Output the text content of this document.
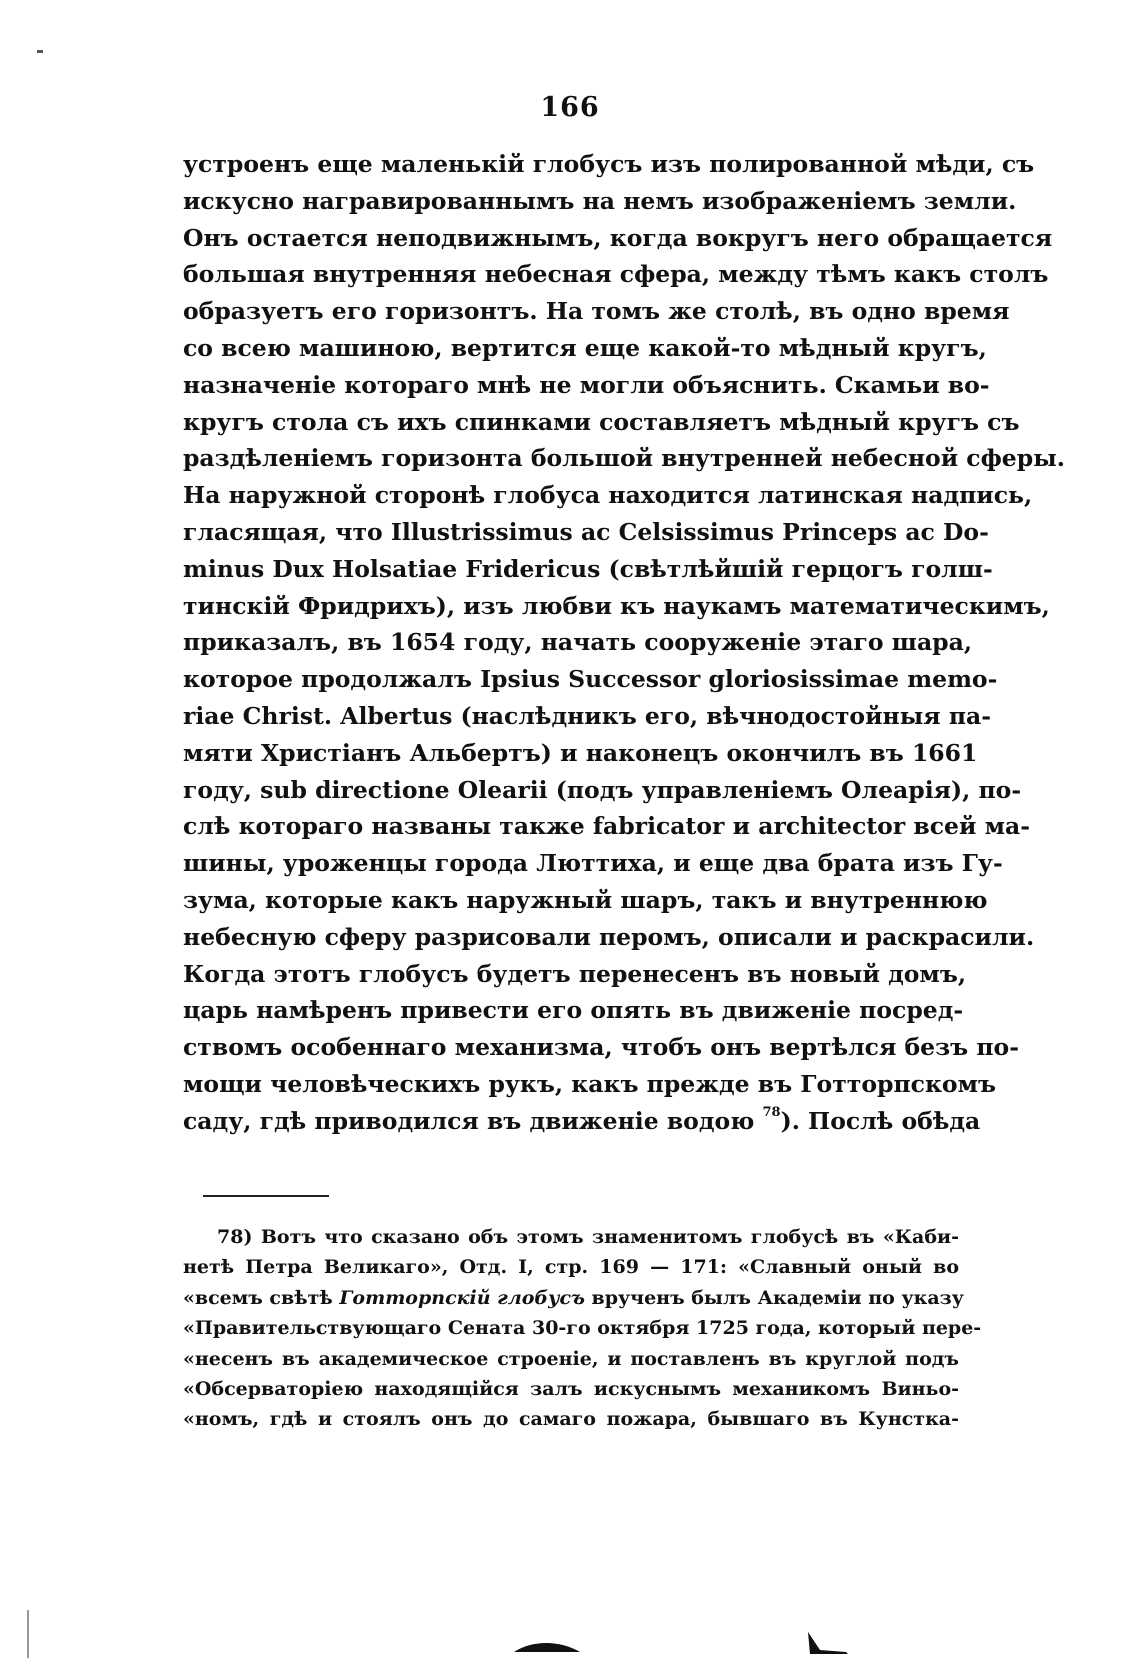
166
устроенъ еще маленькій глобусъ изъ полированной мѣди, съ
искусно награвированнымъ на немъ изображеніемъ земли.
Онъ остается неподвижнымъ, когда вокругъ него обращается
большая внутренняя небесная сфера, между тѣмъ какъ столъ
образуетъ его горизонтъ. На томъ же столѣ, въ одно время
со всею машиною, вертится еще какой-то мѣдный кругъ,
назначеніе котораго мнѣ не могли объяснить. Скамьи во-
кругъ стола съ ихъ спинками составляетъ мѣдный кругъ съ
раздѣленіемъ горизонта большой внутренней небесной сферы.
На наружной сторонѣ глобуса находится латинская надпись,
гласящая, что Illustrissimus ac Celsissimus Princeps ac Do-
minus Dux Holsatiae Fridericus (свѣтлѣйшій герцогъ голш-
тинскій Фридрихъ), изъ любви къ наукамъ математическимъ,
приказалъ, въ 1654 году, начать сооруженіе этаго шара,
которое продолжалъ Ipsius Successor gloriosissimae memo-
riae Christ. Albertus (наслѣдникъ его, вѣчнодостойныя па-
мяти Христіанъ Альбертъ) и наконецъ окончилъ въ 1661
году, sub directione Olearii (подъ управленіемъ Олеарія), по-
слѣ котораго названы также fabricator и architector всей ма-
шины, уроженцы города Люттиха, и еще два брата изъ Гу-
зума, которые какъ наружный шаръ, такъ и внутреннюю
небесную сферу разрисовали перомъ, описали и раскрасили.
Когда этотъ глобусъ будетъ перенесенъ въ новый домъ,
царь намѣренъ привести его опять въ движеніе посред-
ствомъ особеннаго механизма, чтобъ онъ вертѣлся безъ по-
мощи человѣческихъ рукъ, какъ прежде въ Готторпскомъ
саду, гдѣ приводился въ движеніе водою $^{78}$). Послѣ обѣда
78) Вотъ что сказано объ этомъ знаменитомъ глобусѣ въ «Каби-
нетѣ Петра Великаго», Отд. I, стр. 169 — 171: «Славный оный во
«всемъ свѣтѣ Готторпскій глобусъ врученъ былъ Академіи по указу
«Правительствующаго Сената 30-го октября 1725 года, который пере-
«несенъ въ академическое строеніе, и поставленъ въ круглой подъ
«Обсерваторіею находящійся залъ искуснымъ механикомъ Виньо-
«номъ, гдѣ и стоялъ онъ до самаго пожара, бывшаго въ Кунстка-
